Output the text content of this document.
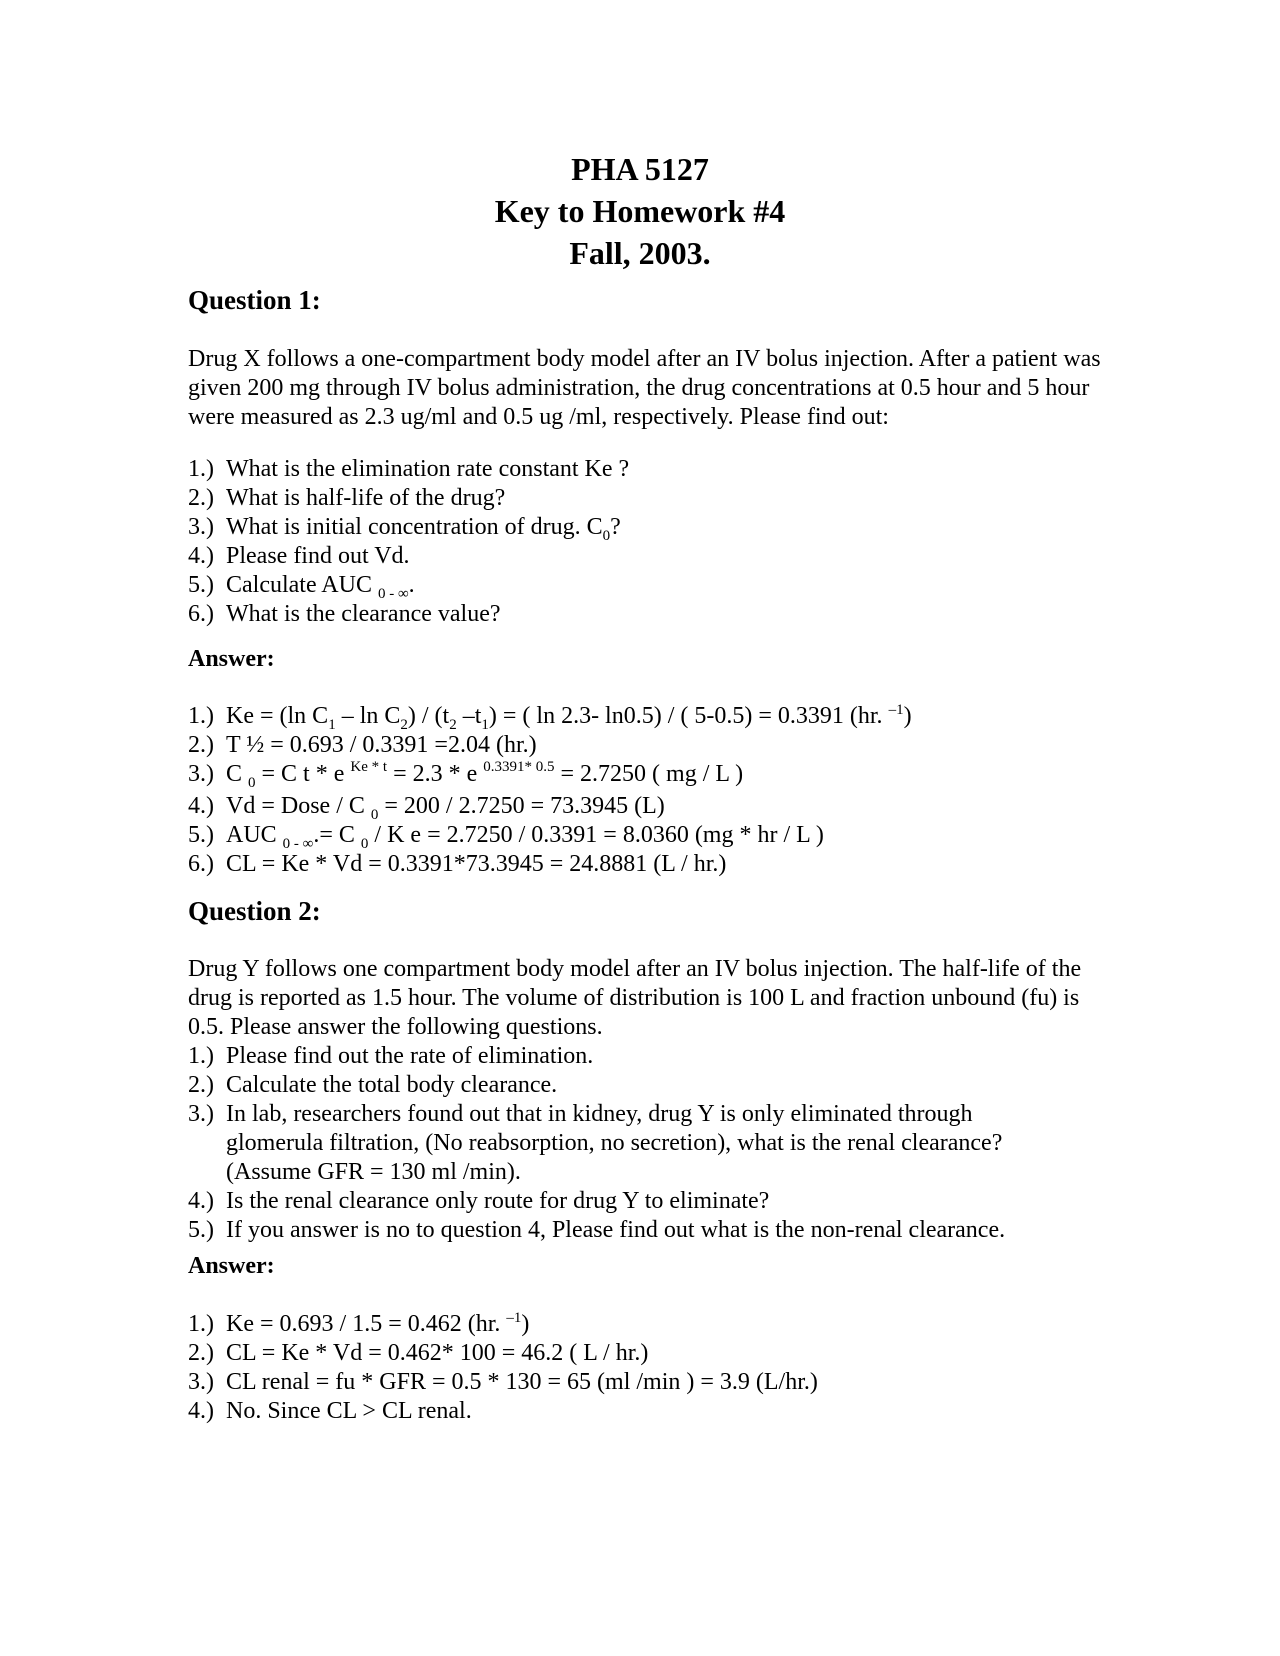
PHA 5127
Key to Homework #4
Fall, 2003.
Question 1:
Drug X follows a one-compartment body model after an IV bolus injection. After a patient was given 200 mg through IV bolus administration, the drug concentrations at 0.5 hour and 5 hour were measured as 2.3 ug/ml and 0.5 ug /ml, respectively. Please find out:
1.) What is the elimination rate constant Ke ?
2.) What is half-life of the drug?
3.) What is initial concentration of drug. $C_0$?
4.) Please find out Vd.
5.) Calculate AUC $_{0 - \infty}$.
6.) What is the clearance value?
Answer:
1.) Ke = (ln $C_1$ – $\ln C_2) / (t_2$ $-t_1$) = ( ln 2.3- ln0.5) / ( 5-0.5) = 0.3391 (hr. $^{-1}$)
2.) T ½ = 0.693 / 0.3391 =2.04 (hr.)
3.) C $_0$ = C t * e $^{Ke * t}$ = 2.3 * e $^{0.3391* 0.5}$ = 2.7250 ( mg / L )
4.) Vd = Dose / C $_0$ = 200 / 2.7250 = 73.3945 (L)
5.) AUC $_{0 - \infty}$.= C $_0$ / K e = 2.7250 / 0.3391 = 8.0360 (mg * hr / L )
6.) CL = Ke * Vd = 0.3391*73.3945 = 24.8881 (L / hr.)
Question 2:
Drug Y follows one compartment body model after an IV bolus injection. The half-life of the drug is reported as 1.5 hour. The volume of distribution is 100 L and fraction unbound (fu) is 0.5. Please answer the following questions.
1.) Please find out the rate of elimination.
2.) Calculate the total body clearance.
3.) In lab, researchers found out that in kidney, drug Y is only eliminated through glomerula filtration, (No reabsorption, no secretion), what is the renal clearance? (Assume GFR = 130 ml /min).
4.) Is the renal clearance only route for drug Y to eliminate?
5.) If you answer is no to question 4, Please find out what is the non-renal clearance.
Answer:
1.) Ke = 0.693 / 1.5 = 0.462 (hr. $^{-1}$)
2.) CL = Ke * Vd = 0.462* 100 = 46.2 ( L / hr.)
3.) CL renal = fu * GFR = 0.5 * 130 = 65 (ml /min ) = 3.9 (L/hr.)
4.) No. Since CL > CL renal.
